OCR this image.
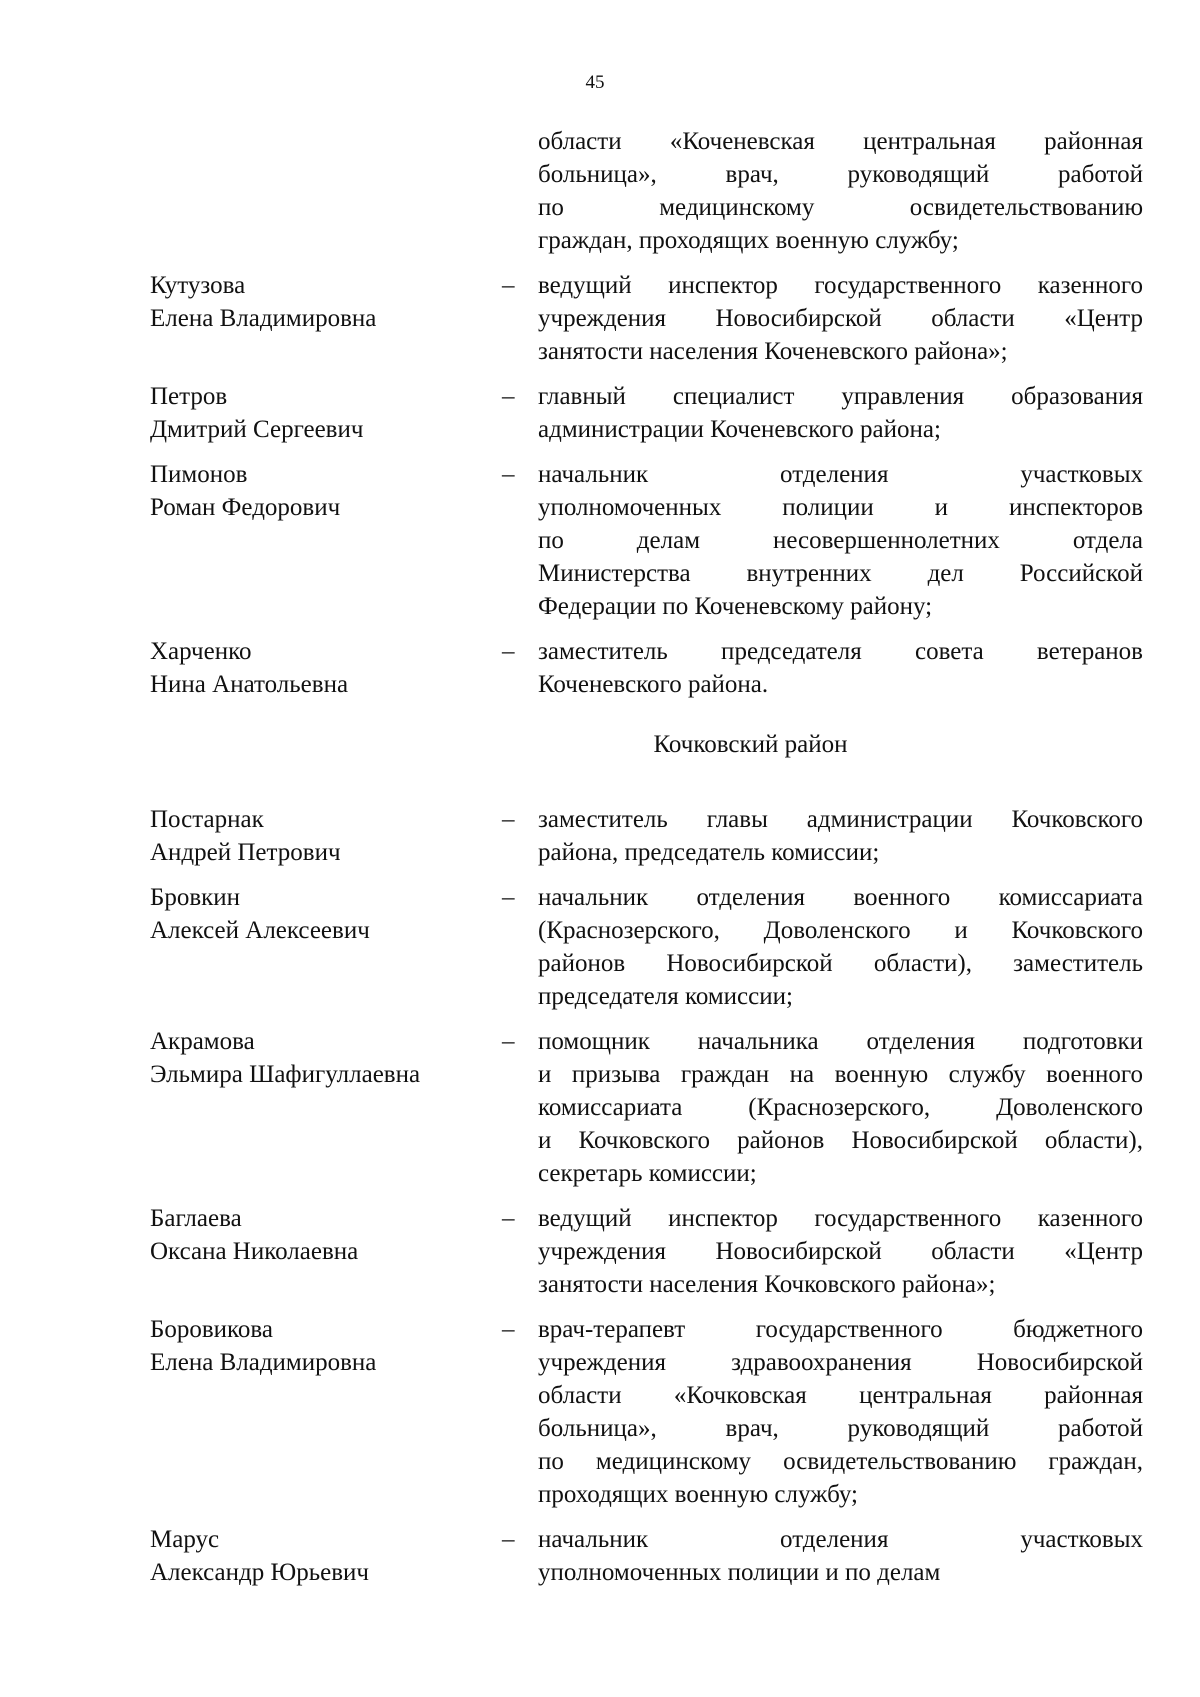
45
области «Коченевская центральная районная
больница», врач, руководящий работой
по медицинскому освидетельствованию
граждан, проходящих военную службу;
Кутузова
Елена Владимировна
– ведущий инспектор государственного казенного
учреждения Новосибирской области «Центр
занятости населения Коченевского района»;
Петров
Дмитрий Сергеевич
– главный специалист управления образования
администрации Коченевского района;
Пимонов
Роман Федорович
– начальник отделения участковых
уполномоченных полиции и инспекторов
по делам несовершеннолетних отдела
Министерства внутренних дел Российской
Федерации по Коченевскому району;
Харченко
Нина Анатольевна
– заместитель председателя совета ветеранов
Коченевского района.
Кочковский район
Постарнак
Андрей Петрович
– заместитель главы администрации Кочковского
района, председатель комиссии;
Бровкин
Алексей Алексеевич
– начальник отделения военного комиссариата
(Краснозерского, Доволенского и Кочковского
районов Новосибирской области), заместитель
председателя комиссии;
Акрамова
Эльмира Шафигуллаевна
– помощник начальника отделения подготовки
и призыва граждан на военную службу военного
комиссариата (Краснозерского, Доволенского
и Кочковского районов Новосибирской области),
секретарь комиссии;
Баглаева
Оксана Николаевна
– ведущий инспектор государственного казенного
учреждения Новосибирской области «Центр
занятости населения Кочковского района»;
Боровикова
Елена Владимировна
– врач-терапевт государственного бюджетного
учреждения здравоохранения Новосибирской
области «Кочковская центральная районная
больница», врач, руководящий работой
по медицинскому освидетельствованию граждан,
проходящих военную службу;
Марус
Александр Юрьевич
– начальник отделения участковых
уполномоченных полиции и по делам
